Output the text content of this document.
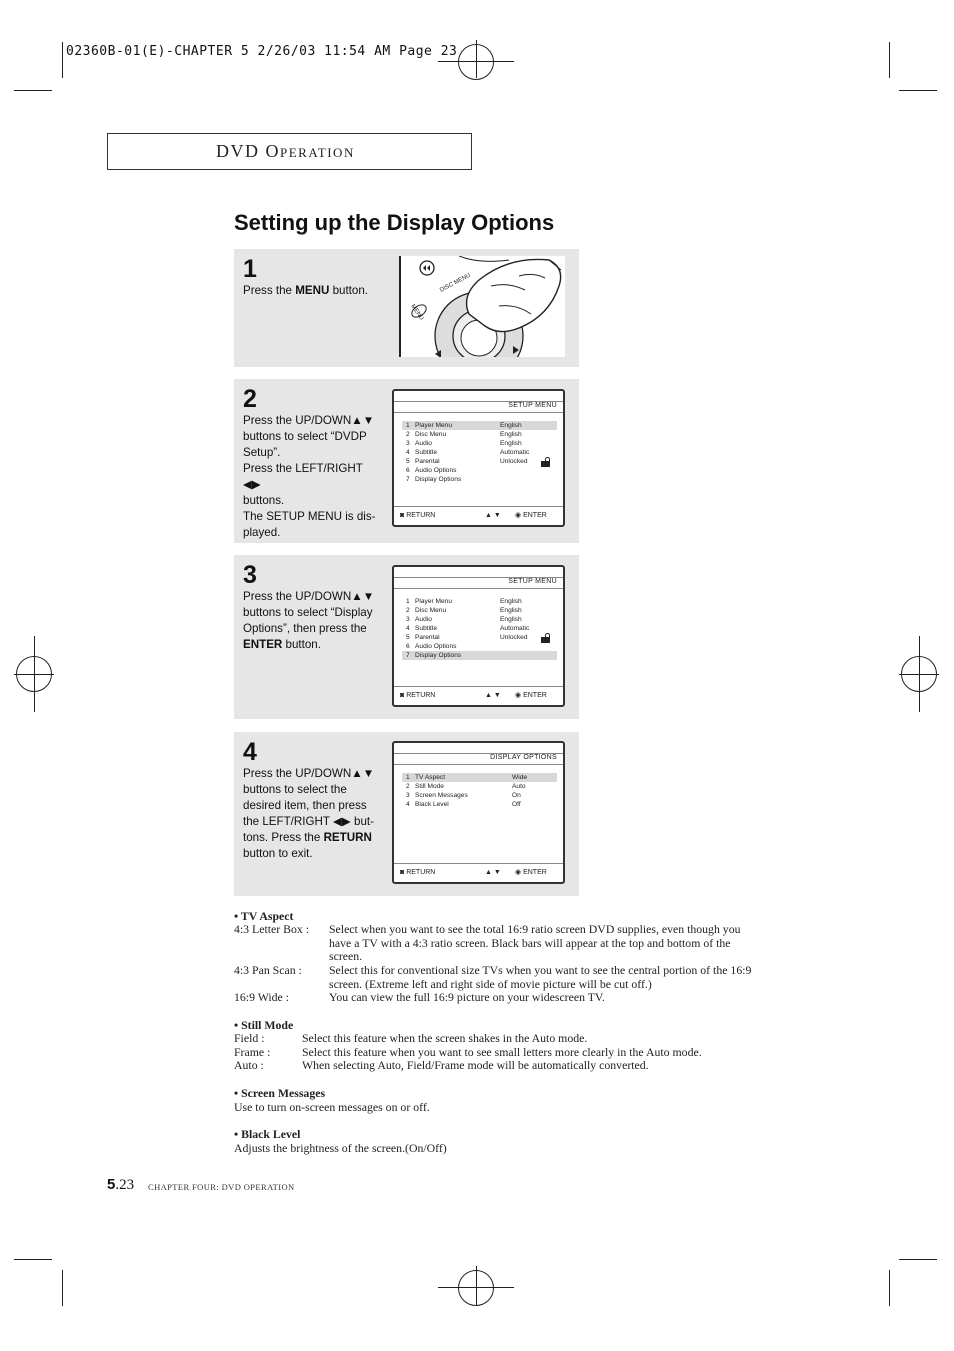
02360B-01(E)-CHAPTER 5 2/26/03 11:54 AM Page 23
DVD OPERATION
Setting up the Display Options
1
Press the MENU button.	DISC MENU
MENU
2
Press the UP/DOWN▲▼
buttons to select “DVDP
Setup”.
Press the LEFT/RIGHT ◀▶
buttons.
The SETUP MENU is dis-
played.
SETUP MENU
1 Player Menu	English
2 Disc Menu	English
3 Audio	English
4 Subtitle	Automatic
5 Parental	Unlocked
6 Audio Options
7 Display Options
◙ RETURN	▲ ▼ ◉ ENTER
3
Press the UP/DOWN▲▼
buttons to select “Display
Options”, then press the
ENTER button.
SETUP MENU
1 Player Menu	English
2 Disc Menu	English
3 Audio	English
4 Subtitle	Automatic
5 Parental	Unlocked
6 Audio Options
7 Display Options
◙ RETURN	▲ ▼ ◉ ENTER
4
Press the UP/DOWN▲▼
buttons to select the
desired item, then press
the LEFT/RIGHT ◀▶ but-
tons. Press the RETURN
button to exit.
DISPLAY OPTIONS
1 TV Aspect	Wide
2 Still Mode	Auto
3 Screen Messages	On
4 Black Level	Off
◙ RETURN	▲ ▼ ◉ ENTER
• TV Aspect
4:3 Letter Box : Select when you want to see the total 16:9 ratio screen DVD supplies, even though you
have a TV with a 4:3 ratio screen. Black bars will appear at the top and bottom of the
screen.
4:3 Pan Scan : Select this for conventional size TVs when you want to see the central portion of the 16:9
screen. (Extreme left and right side of movie picture will be cut off.)
16:9 Wide :	You can view the full 16:9 picture on your widescreen TV.
• Still Mode
Field :	Select this feature when the screen shakes in the Auto mode.
Frame :	Select this feature when you want to see small letters more clearly in the Auto mode.
Auto :	When selecting Auto, Field/Frame mode will be automatically converted.
• Screen Messages
Use to turn on-screen messages on or off.
• Black Level
Adjusts the brightness of the screen.(On/Off)
5.23 CHAPTER FOUR: DVD OPERATION
